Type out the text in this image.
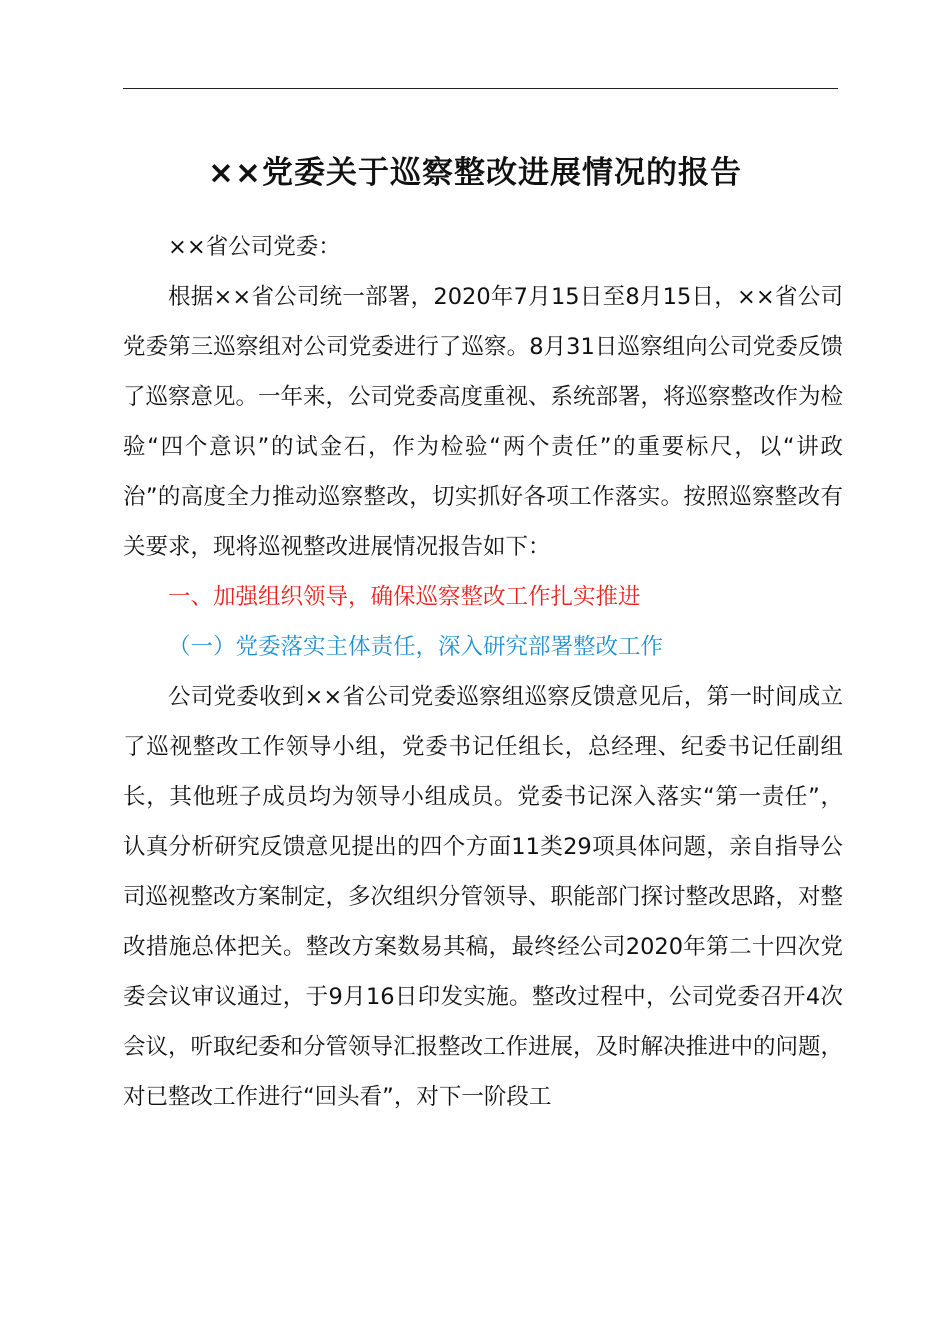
××党委关于巡察整改进展情况的报告

××省公司党委：

根据××省公司统一部署，2020年7月15日至8月15日，××省公司党委第三巡察组对公司党委进行了巡察。8月31日巡察组向公司党委反馈了巡察意见。一年来，公司党委高度重视、系统部署，将巡察整改作为检验“四个意识”的试金石，作为检验“两个责任”的重要标尺，以“讲政治”的高度全力推动巡察整改，切实抓好各项工作落实。按照巡察整改有关要求，现将巡视整改进展情况报告如下：

一、加强组织领导，确保巡察整改工作扎实推进

（一）党委落实主体责任，深入研究部署整改工作

公司党委收到××省公司党委巡察组巡察反馈意见后，第一时间成立了巡视整改工作领导小组，党委书记任组长，总经理、纪委书记任副组长，其他班子成员均为领导小组成员。党委书记深入落实“第一责任”，认真分析研究反馈意见提出的四个方面11类29项具体问题，亲自指导公司巡视整改方案制定，多次组织分管领导、职能部门探讨整改思路，对整改措施总体把关。整改方案数易其稿，最终经公司2020年第二十四次党委会议审议通过，于9月16日印发实施。整改过程中，公司党委召开4次会议，听取纪委和分管领导汇报整改工作进展，及时解决推进中的问题，对已整改工作进行“回头看”，对下一阶段工
